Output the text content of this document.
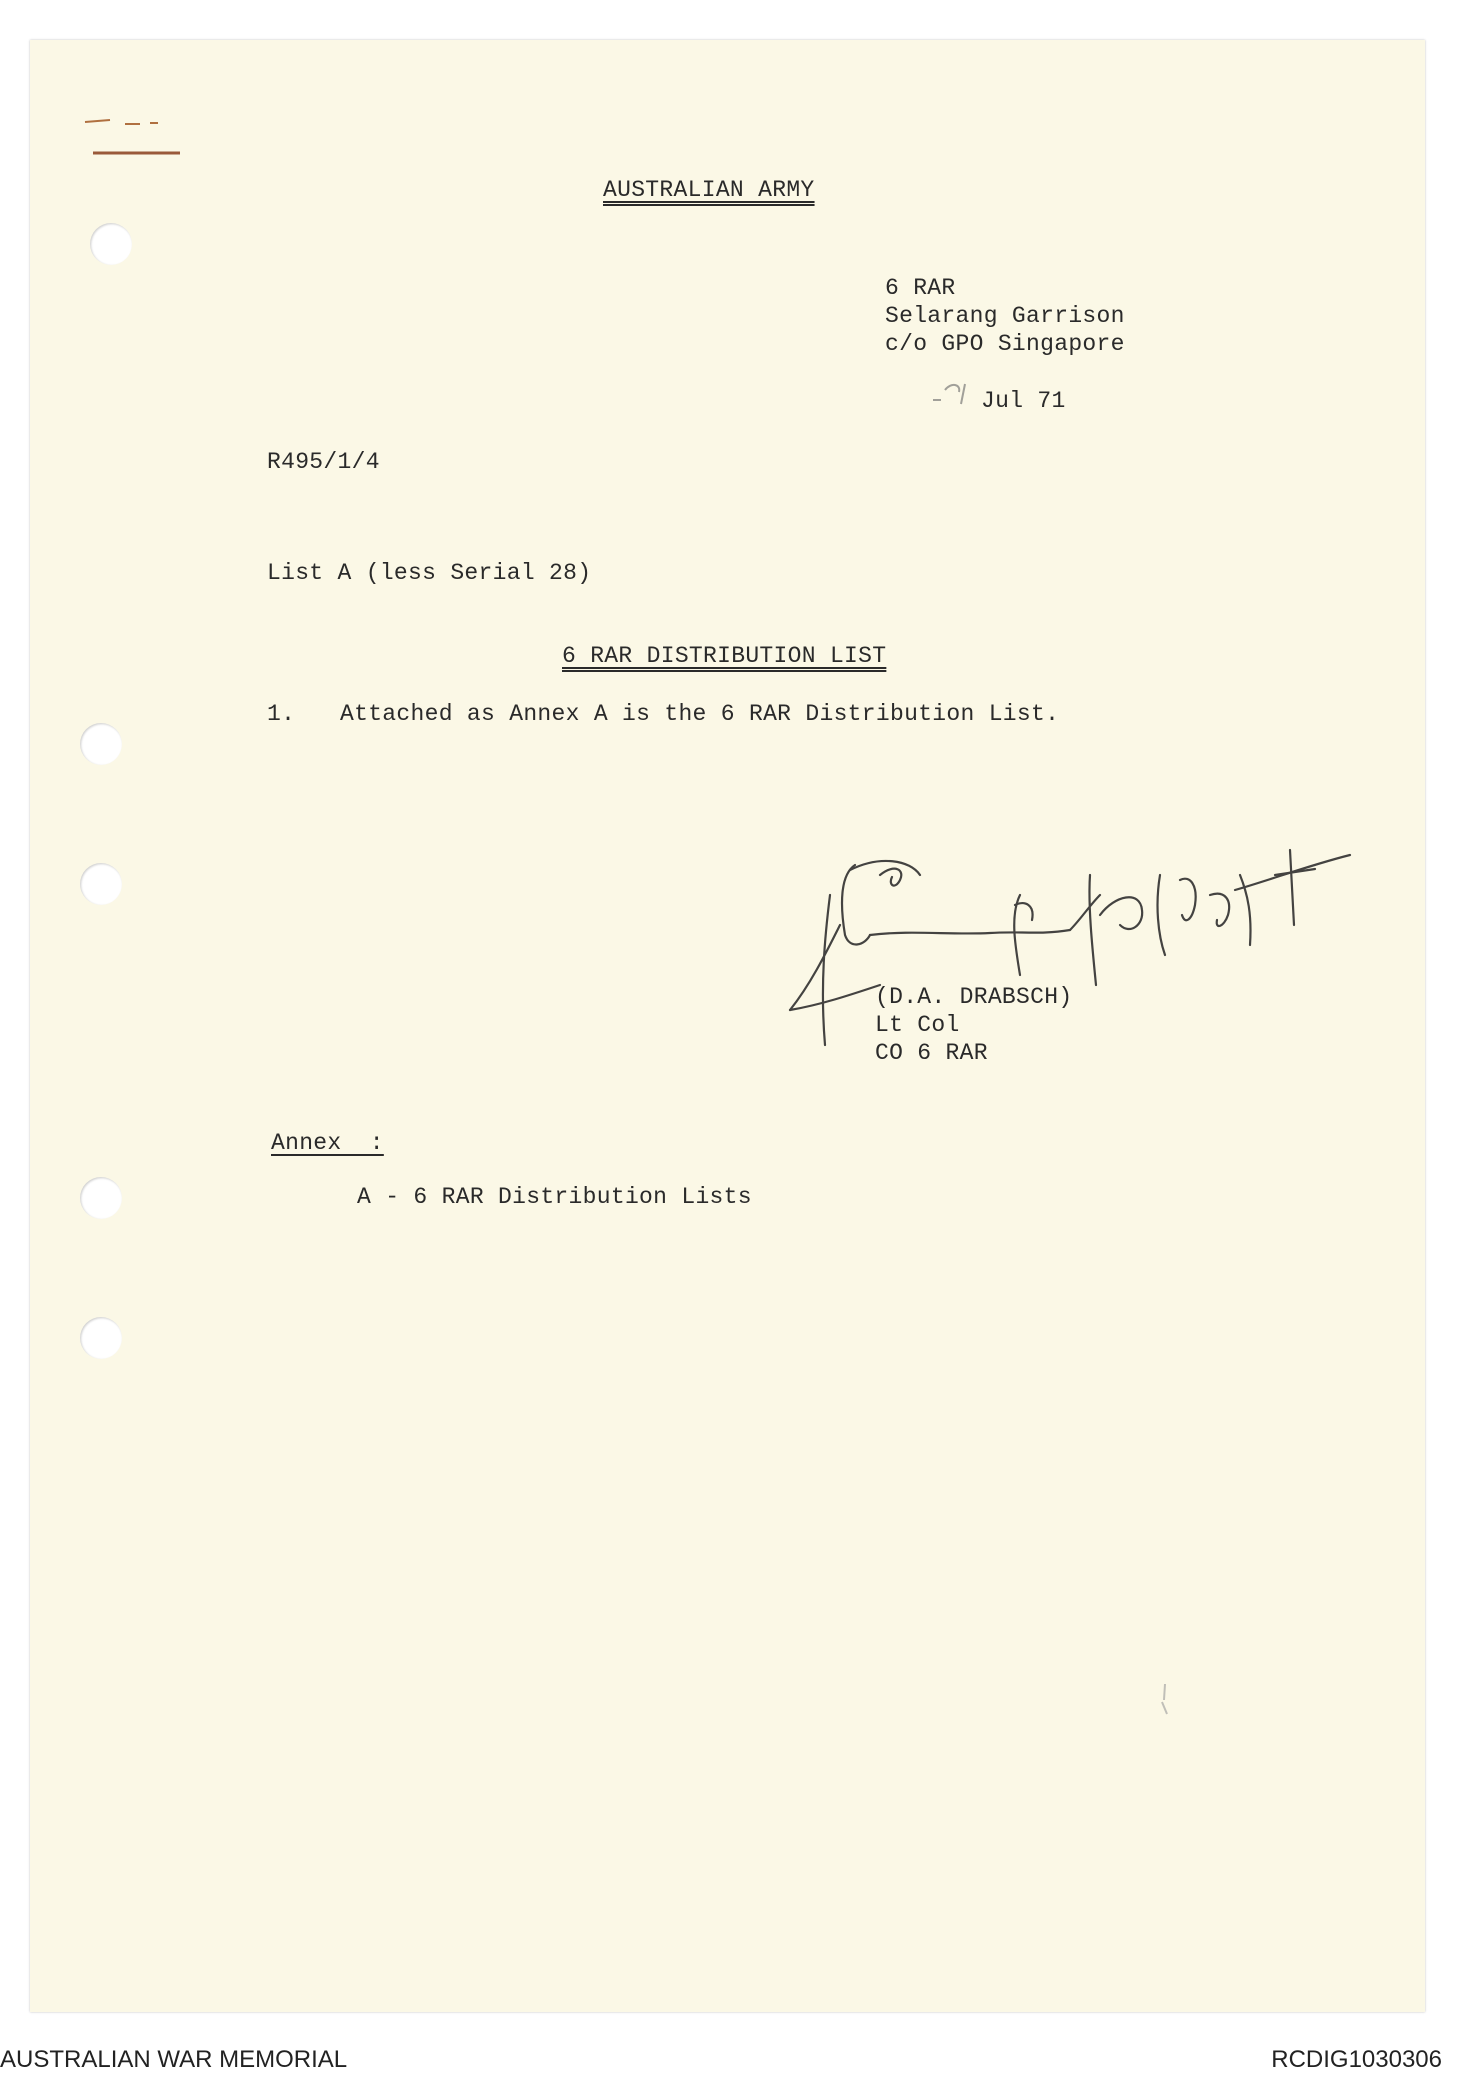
AUSTRALIAN ARMY
6 RAR
Selarang Garrison
c/o GPO Singapore
Jul 71
R495/1/4
List A (less Serial 28)
6 RAR DISTRIBUTION LIST
1. Attached as Annex A is the 6 RAR Distribution List.
(D.A. DRABSCH)
Lt Col
CO 6 RAR
Annex  :
A - 6 RAR Distribution Lists
AUSTRALIAN WAR MEMORIAL	RCDIG1030306
